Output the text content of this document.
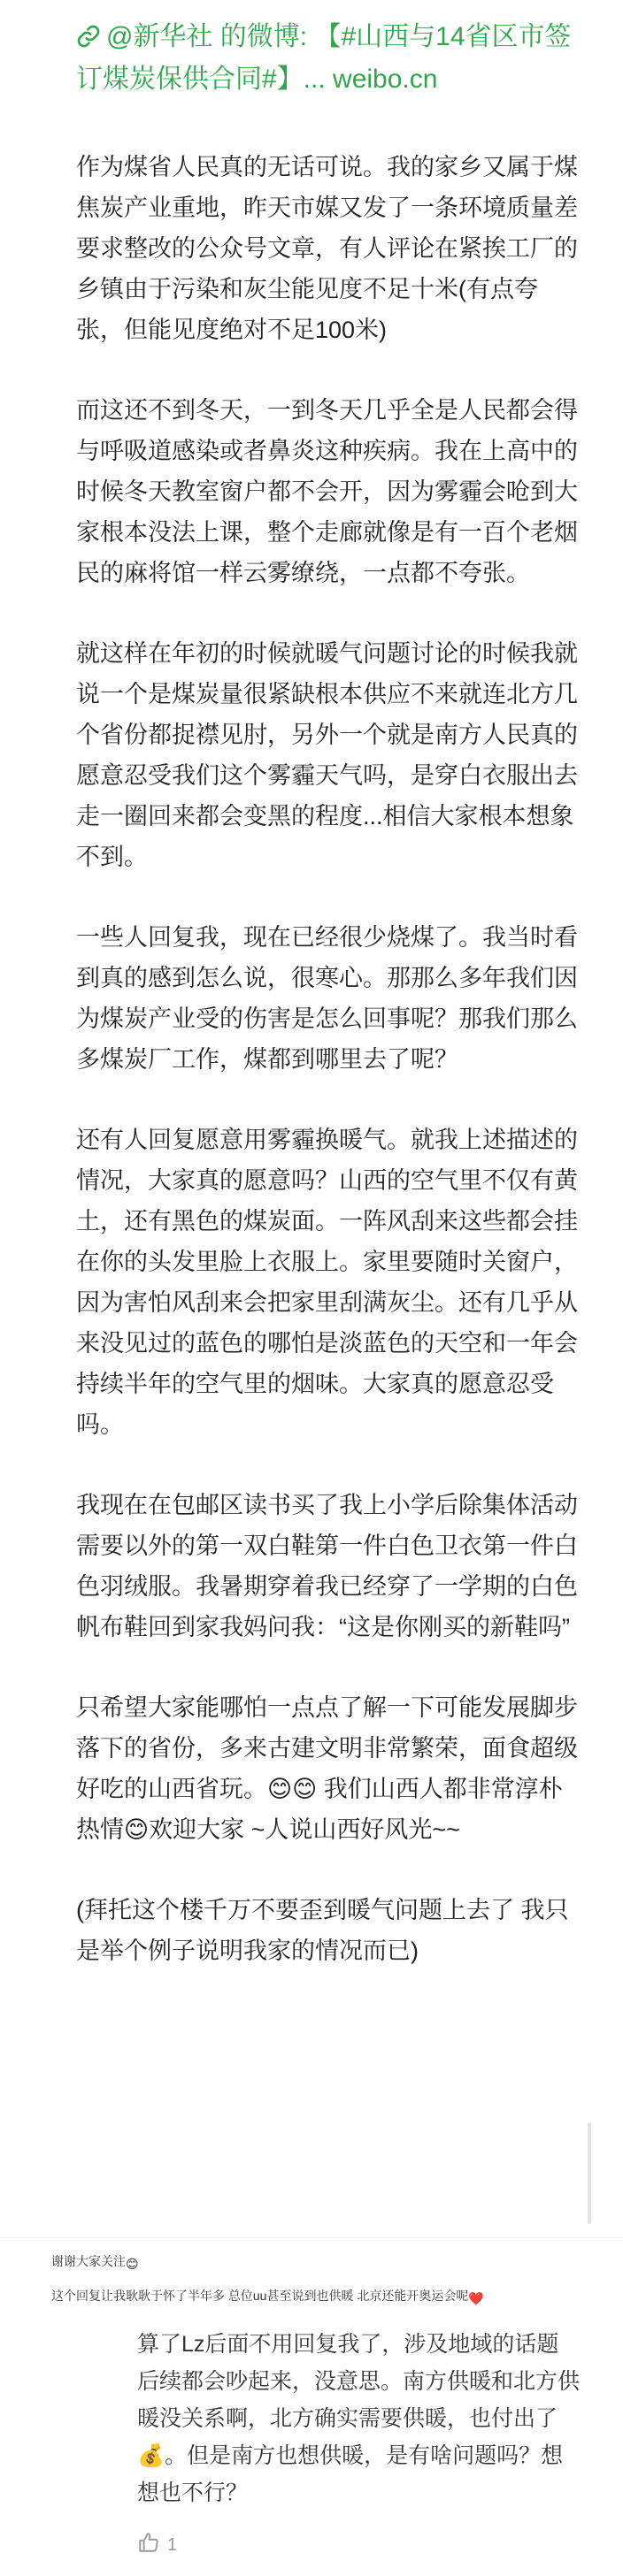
@新华社 的微博: 【#山西与14省区市签订煤炭保供合同#】... weibo.cn

作为煤省人民真的无话可说。我的家乡又属于煤焦炭产业重地，昨天市媒又发了一条环境质量差要求整改的公众号文章，有人评论在紧挨工厂的乡镇由于污染和灰尘能见度不足十米(有点夸张，但能见度绝对不足100米)

而这还不到冬天，一到冬天几乎全是人民都会得与呼吸道感染或者鼻炎这种疾病。我在上高中的时候冬天教室窗户都不会开，因为雾霾会呛到大家根本没法上课，整个走廊就像是有一百个老烟民的麻将馆一样云雾缭绕，一点都不夸张。

就这样在年初的时候就暖气问题讨论的时候我就说一个是煤炭量很紧缺根本供应不来就连北方几个省份都捉襟见肘，另外一个就是南方人民真的愿意忍受我们这个雾霾天气吗，是穿白衣服出去走一圈回来都会变黑的程度...相信大家根本想象不到。

一些人回复我，现在已经很少烧煤了。我当时看到真的感到怎么说，很寒心。那那么多年我们因为煤炭产业受的伤害是怎么回事呢？那我们那么多煤炭厂工作，煤都到哪里去了呢？

还有人回复愿意用雾霾换暖气。就我上述描述的情况，大家真的愿意吗？山西的空气里不仅有黄土，还有黑色的煤炭面。一阵风刮来这些都会挂在你的头发里脸上衣服上。家里要随时关窗户，因为害怕风刮来会把家里刮满灰尘。还有几乎从来没见过的蓝色的哪怕是淡蓝色的天空和一年会持续半年的空气里的烟味。大家真的愿意忍受吗。

我现在在包邮区读书买了我上小学后除集体活动需要以外的第一双白鞋第一件白色卫衣第一件白色羽绒服。我暑期穿着我已经穿了一学期的白色帆布鞋回到家我妈问我：“这是你刚买的新鞋吗”

只希望大家能哪怕一点点了解一下可能发展脚步落下的省份，多来古建文明非常繁荣，面食超级好吃的山西省玩。😊😊 我们山西人都非常淳朴热情😊欢迎大家 ~人说山西好风光~~

(拜托这个楼千万不要歪到暖气问题上去了 我只是举个例子说明我家的情况而已)

谢谢大家关注😊
这个回复让我耿耿于怀了半年多 总位uu甚至说到也供暖 北京还能开奥运会呢❤️
算了Lz后面不用回复我了，涉及地域的话题后续都会吵起来，没意思。南方供暖和北方供暖没关系啊，北方确实需要供暖，也付出了💰。但是南方也想供暖，是有啥问题吗？想想也不行？
1
